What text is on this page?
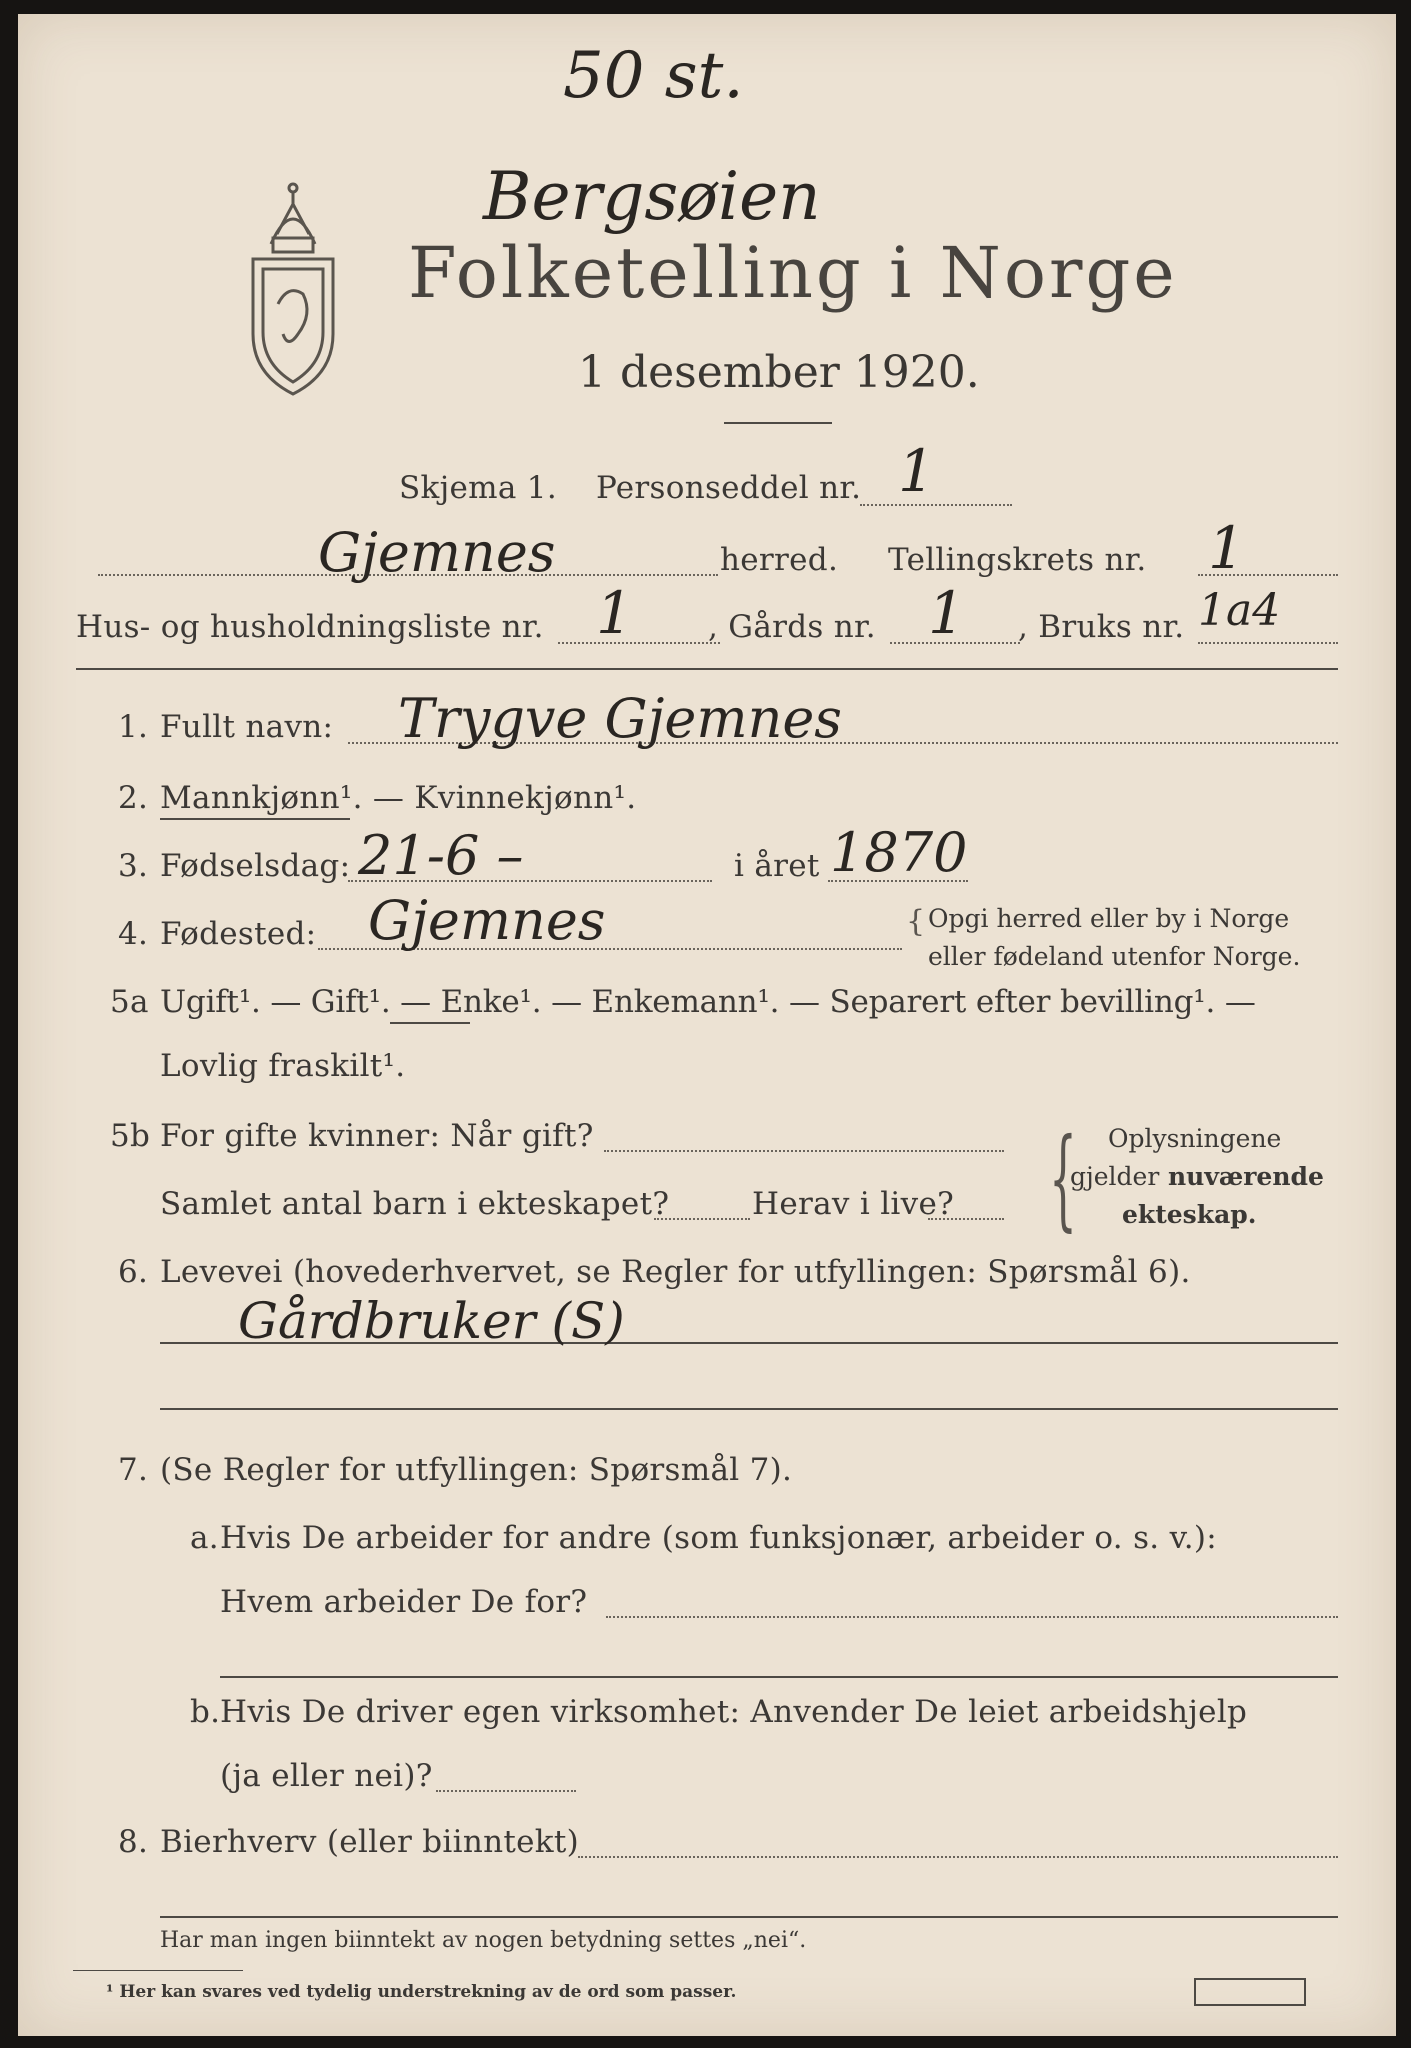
50 st.
Bergsøien
Folketelling i Norge
1 desember 1920.
Skjema 1. Personseddel nr. 1
Gjemnes	herred. Tellingskrets nr. 1
Hus- og husholdningsliste nr. 1 , Gårds nr. 1 , Bruks nr. 1a4
1. Fullt navn: Trygve Gjemnes
2. Mannkjønn¹. — Kvinnekjønn¹.
3. Fødselsdag: 21-6 –	i året 1870
4. Fødested: Gjemnes	{ Opgi herred eller by i Norge
eller fødeland utenfor Norge.
5a Ugift¹. — Gift¹. — Enke¹. — Enkemann¹. — Separert efter bevilling¹. —
Lovlig fraskilt¹.
5b For gifte kvinner: Når gift?
Samlet antal barn i ekteskapet?	Herav i live? { Oplysningene
gjelder nuværende
ekteskap.
6. Levevei (hovederhvervet, se Regler for utfyllingen: Spørsmål 6).
Gårdbruker (S)
7. (Se Regler for utfyllingen: Spørsmål 7).
a. Hvis De arbeider for andre (som funksjonær, arbeider o. s. v.):
Hvem arbeider De for?
b. Hvis De driver egen virksomhet: Anvender De leiet arbeidshjelp
(ja eller nei)?
8. Bierhverv (eller biinntekt)
Har man ingen biinntekt av nogen betydning settes „nei“.
¹ Her kan svares ved tydelig understrekning av de ord som passer.
